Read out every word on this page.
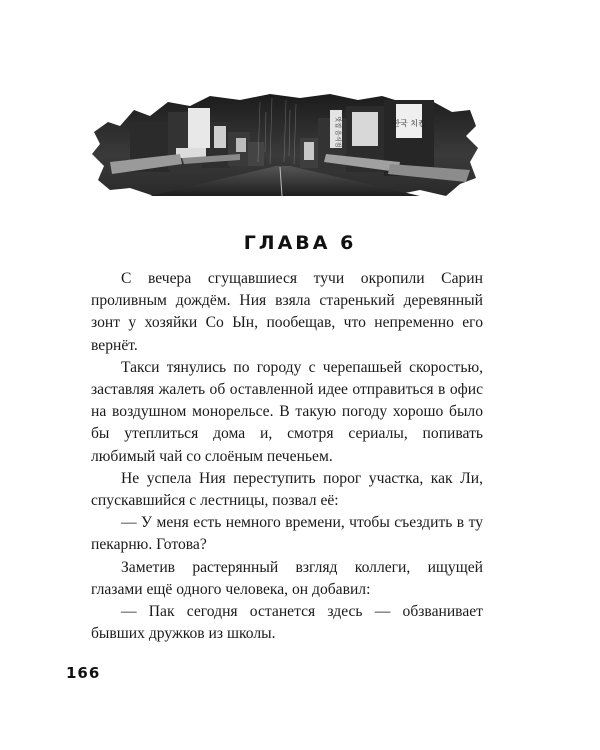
한국 치킨
맛집 음식점
ГЛАВА 6

С вечера сгущавшиеся тучи окропили Сарин проливным дождём. Ния взяла старенький деревянный зонт у хозяйки Со Ын, пообещав, что непременно его вернёт.

Такси тянулись по городу с черепашьей скоростью, заставляя жалеть об оставленной идее отправиться в офис на воздушном монорельсе. В такую погоду хорошо было бы утеплиться дома и, смотря сериалы, попивать любимый чай со слоёным печеньем.

Не успела Ния переступить порог участка, как Ли, спускавшийся с лестницы, позвал её:

— У меня есть немного времени, чтобы съездить в ту пекарню. Готова?

Заметив растерянный взгляд коллеги, ищущей глазами ещё одного человека, он добавил:

— Пак сегодня останется здесь — обзванивает бывших дружков из школы.

166
